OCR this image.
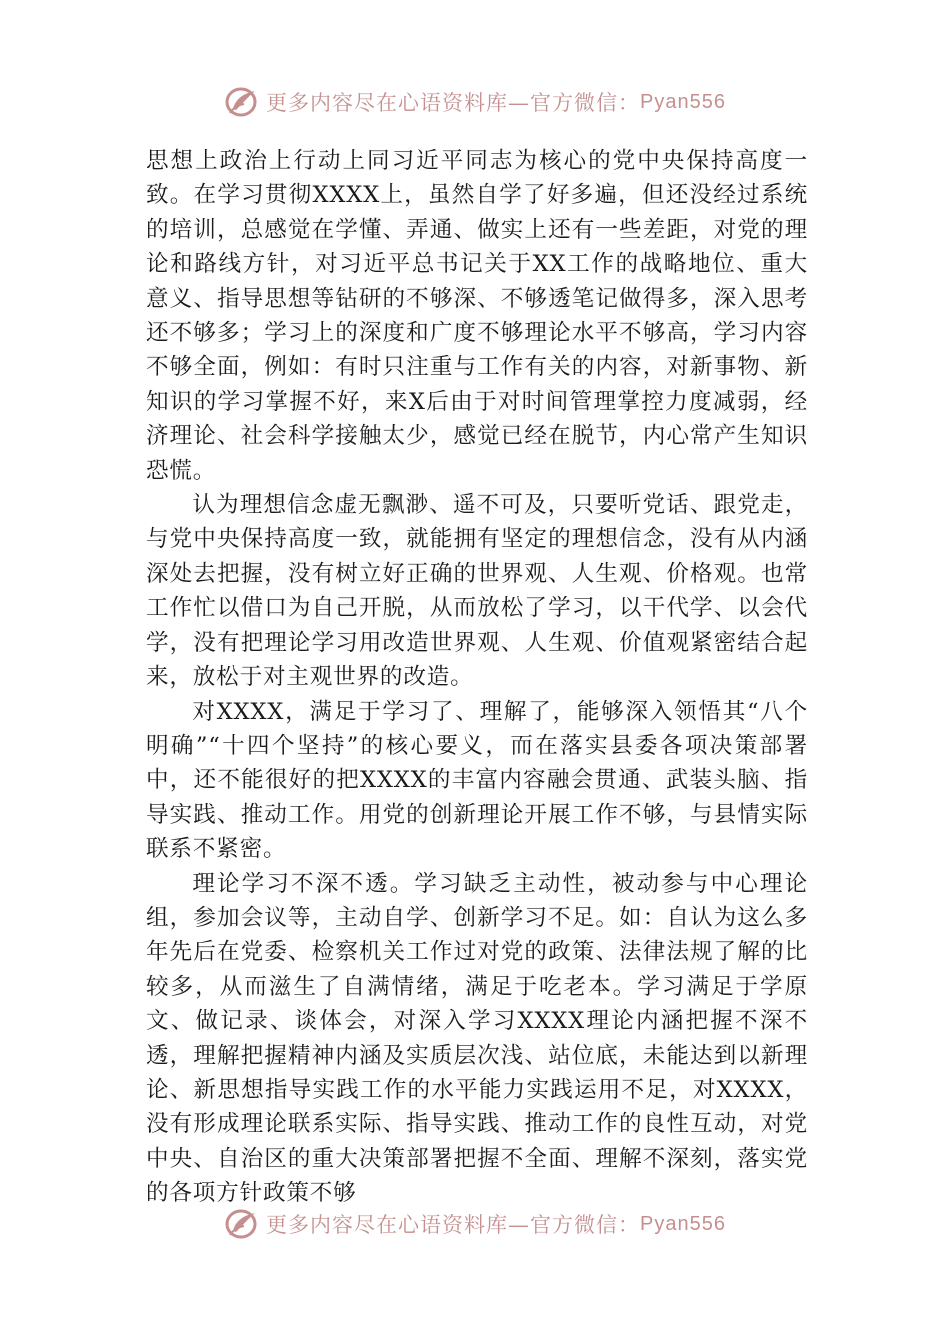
更多内容尽在心语资料库—官方微信： Pyan556

思想上政治上行动上同习近平同志为核心的党中央保持高度一致。在学习贯彻XXXX上，虽然自学了好多遍，但还没经过系统的培训，总感觉在学懂、弄通、做实上还有一些差距，对党的理论和路线方针，对习近平总书记关于XX工作的战略地位、重大意义、指导思想等钻研的不够深、不够透笔记做得多，深入思考还不够多；学习上的深度和广度不够理论水平不够高，学习内容不够全面，例如：有时只注重与工作有关的内容，对新事物、新知识的学习掌握不好，来X后由于对时间管理掌控力度减弱，经济理论、社会科学接触太少，感觉已经在脱节，内心常产生知识恐慌。

认为理想信念虚无飘渺、遥不可及，只要听党话、跟党走，与党中央保持高度一致，就能拥有坚定的理想信念，没有从内涵深处去把握，没有树立好正确的世界观、人生观、价格观。也常工作忙以借口为自己开脱，从而放松了学习，以干代学、以会代学，没有把理论学习用改造世界观、人生观、价值观紧密结合起来，放松于对主观世界的改造。

对XXXX，满足于学习了、理解了，能够深入领悟其“八个明确”“十四个坚持”的核心要义，而在落实县委各项决策部署中，还不能很好的把XXXX的丰富内容融会贯通、武装头脑、指导实践、推动工作。用党的创新理论开展工作不够，与县情实际联系不紧密。

理论学习不深不透。学习缺乏主动性，被动参与中心理论组，参加会议等，主动自学、创新学习不足。如：自认为这么多年先后在党委、检察机关工作过对党的政策、法律法规了解的比较多，从而滋生了自满情绪，满足于吃老本。学习满足于学原文、做记录、谈体会，对深入学习XXXX理论内涵把握不深不透，理解把握精神内涵及实质层次浅、站位底，未能达到以新理论、新思想指导实践工作的水平能力实践运用不足，对XXXX，没有形成理论联系实际、指导实践、推动工作的良性互动，对党中央、自治区的重大决策部署把握不全面、理解不深刻，落实党的各项方针政策不够

更多内容尽在心语资料库—官方微信： Pyan556
